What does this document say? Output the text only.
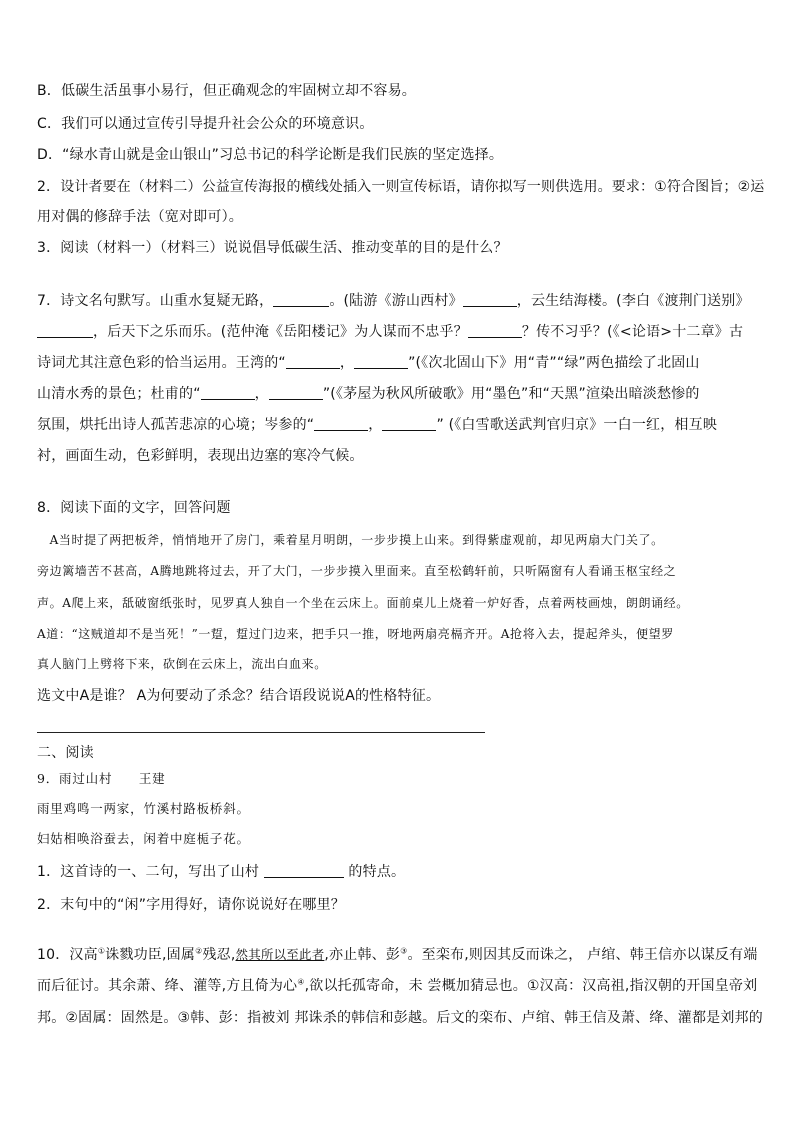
B．低碳生活虽事小易行，但正确观念的牢固树立却不容易。
C．我们可以通过宣传引导提升社会公众的环境意识。
D．“绿水青山就是金山银山”习总书记的科学论断是我们民族的坚定选择。
2．设计者要在（材料二）公益宣传海报的横线处插入一则宣传标语，请你拟写一则供选用。要求：①符合图旨；②运
用对偶的修辞手法（宽对即可）。
3．阅读（材料一）（材料三）说说倡导低碳生活、推动变革的目的是什么？
7．诗文名句默写。山重水复疑无路，	。(陆游《游山西村》	，云生结海楼。(李白《渡荆门送别》
，后天下之乐而乐。(范仲淹《岳阳楼记》为人谋而不忠乎？	？传不习乎？(《<论语>十二章》古
诗词尤其注意色彩的恰当运用。王湾的“	，	”(《次北固山下》用“青”“绿”两色描绘了北固山
山清水秀的景色；杜甫的“	，	”(《茅屋为秋风所破歌》用“墨色”和“天黑”渲染出暗淡愁惨的
氛围，烘托出诗人孤苦悲凉的心境；岑参的“	，	” (《白雪歌送武判官归京》一白一红，相互映
衬，画面生动，色彩鲜明，表现出边塞的寒冷气候。
8．阅读下面的文字，回答问题
　A当时提了两把板斧，悄悄地开了房门，乘着星月明朗，一步步摸上山来。到得紫虚观前，却见两扇大门关了。
旁边篱墙苦不甚高，A腾地跳将过去，开了大门，一步步摸入里面来。直至松鹤轩前，只听隔窗有人看诵玉枢宝经之
声。A爬上来，舐破窗纸张时，见罗真人独自一个坐在云床上。面前桌儿上烧着一炉好香，点着两枝画烛，朗朗诵经。
A道：“这贼道却不是当死！”一踅，踅过门边来，把手只一推，呀地两扇亮槅齐开。A抢将入去，提起斧头，便望罗
真人脑门上劈将下来，砍倒在云床上，流出白血来。
选文中A是谁？ A为何要动了杀念？结合语段说说A的性格特征。
二、阅读
9．雨过山村　　王建
雨里鸡鸣一两家，竹溪村路板桥斜。
妇姑相唤浴蚕去，闲着中庭栀子花。
1．这首诗的一、二句，写出了山村	的特点。
2．末句中的“闲”字用得好，请你说说好在哪里？
10．汉高①诛戮功臣,固属②残忍,然其所以至此者,亦止韩、彭③。至栾布,则因其反而诛之， 卢绾、韩王信亦以谋反有端
而后征讨。其余萧、绛、灌等,方且倚为心④,欲以托孤寄命，未 尝概加猜忌也。①汉高：汉高祖,指汉朝的开国皇帝刘
邦。②固属：固然是。③韩、彭：指被刘 邦诛杀的韩信和彭越。后文的栾布、卢绾、韩王信及萧、绛、灌都是刘邦的
